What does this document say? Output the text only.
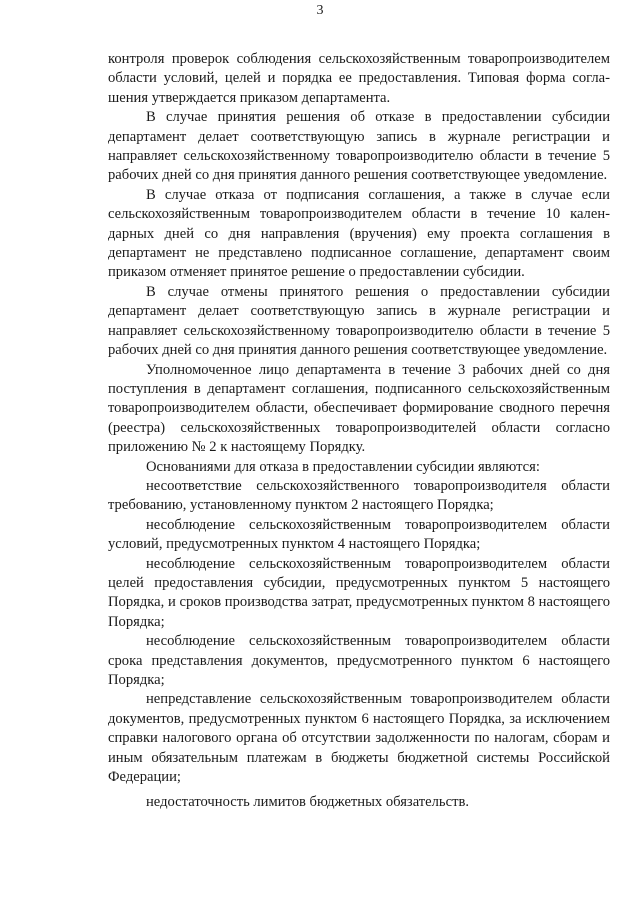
3

контроля проверок соблюдения сельскохозяйственным товаропроизводителем области условий, целей и порядка ее предоставления. Типовая форма соглашения утверждается приказом департамента.

В случае принятия решения об отказе в предоставлении субсидии департамент делает соответствующую запись в журнале регистрации и направляет сельскохозяйственному товаропроизводителю области в течение 5 рабочих дней со дня принятия данного решения соответствующее уведомление.

В случае отказа от подписания соглашения, а также в случае если сельскохозяйственным товаропроизводителем области в течение 10 календарных дней со дня направления (вручения) ему проекта соглашения в департамент не представлено подписанное соглашение, департамент своим приказом отменяет принятое решение о предоставлении субсидии.

В случае отмены принятого решения о предоставлении субсидии департамент делает соответствующую запись в журнале регистрации и направляет сельскохозяйственному товаропроизводителю области в течение 5 рабочих дней со дня принятия данного решения соответствующее уведомление.

Уполномоченное лицо департамента в течение 3 рабочих дней со дня поступления в департамент соглашения, подписанного сельскохозяйственным товаропроизводителем области, обеспечивает формирование сводного перечня (реестра) сельскохозяйственных товаропроизводителей области согласно приложению № 2 к настоящему Порядку.

Основаниями для отказа в предоставлении субсидии являются:

несоответствие сельскохозяйственного товаропроизводителя области требованию, установленному пунктом 2 настоящего Порядка;

несоблюдение сельскохозяйственным товаропроизводителем области условий, предусмотренных пунктом 4 настоящего Порядка;

несоблюдение сельскохозяйственным товаропроизводителем области целей предоставления субсидии, предусмотренных пунктом 5 настоящего Порядка, и сроков производства затрат, предусмотренных пунктом 8 настоящего Порядка;

несоблюдение сельскохозяйственным товаропроизводителем области срока представления документов, предусмотренного пунктом 6 настоящего Порядка;

непредставление сельскохозяйственным товаропроизводителем области документов, предусмотренных пунктом 6 настоящего Порядка, за исключением справки налогового органа об отсутствии задолженности по налогам, сборам и иным обязательным платежам в бюджеты бюджетной системы Российской Федерации;

недостаточность лимитов бюджетных обязательств.
